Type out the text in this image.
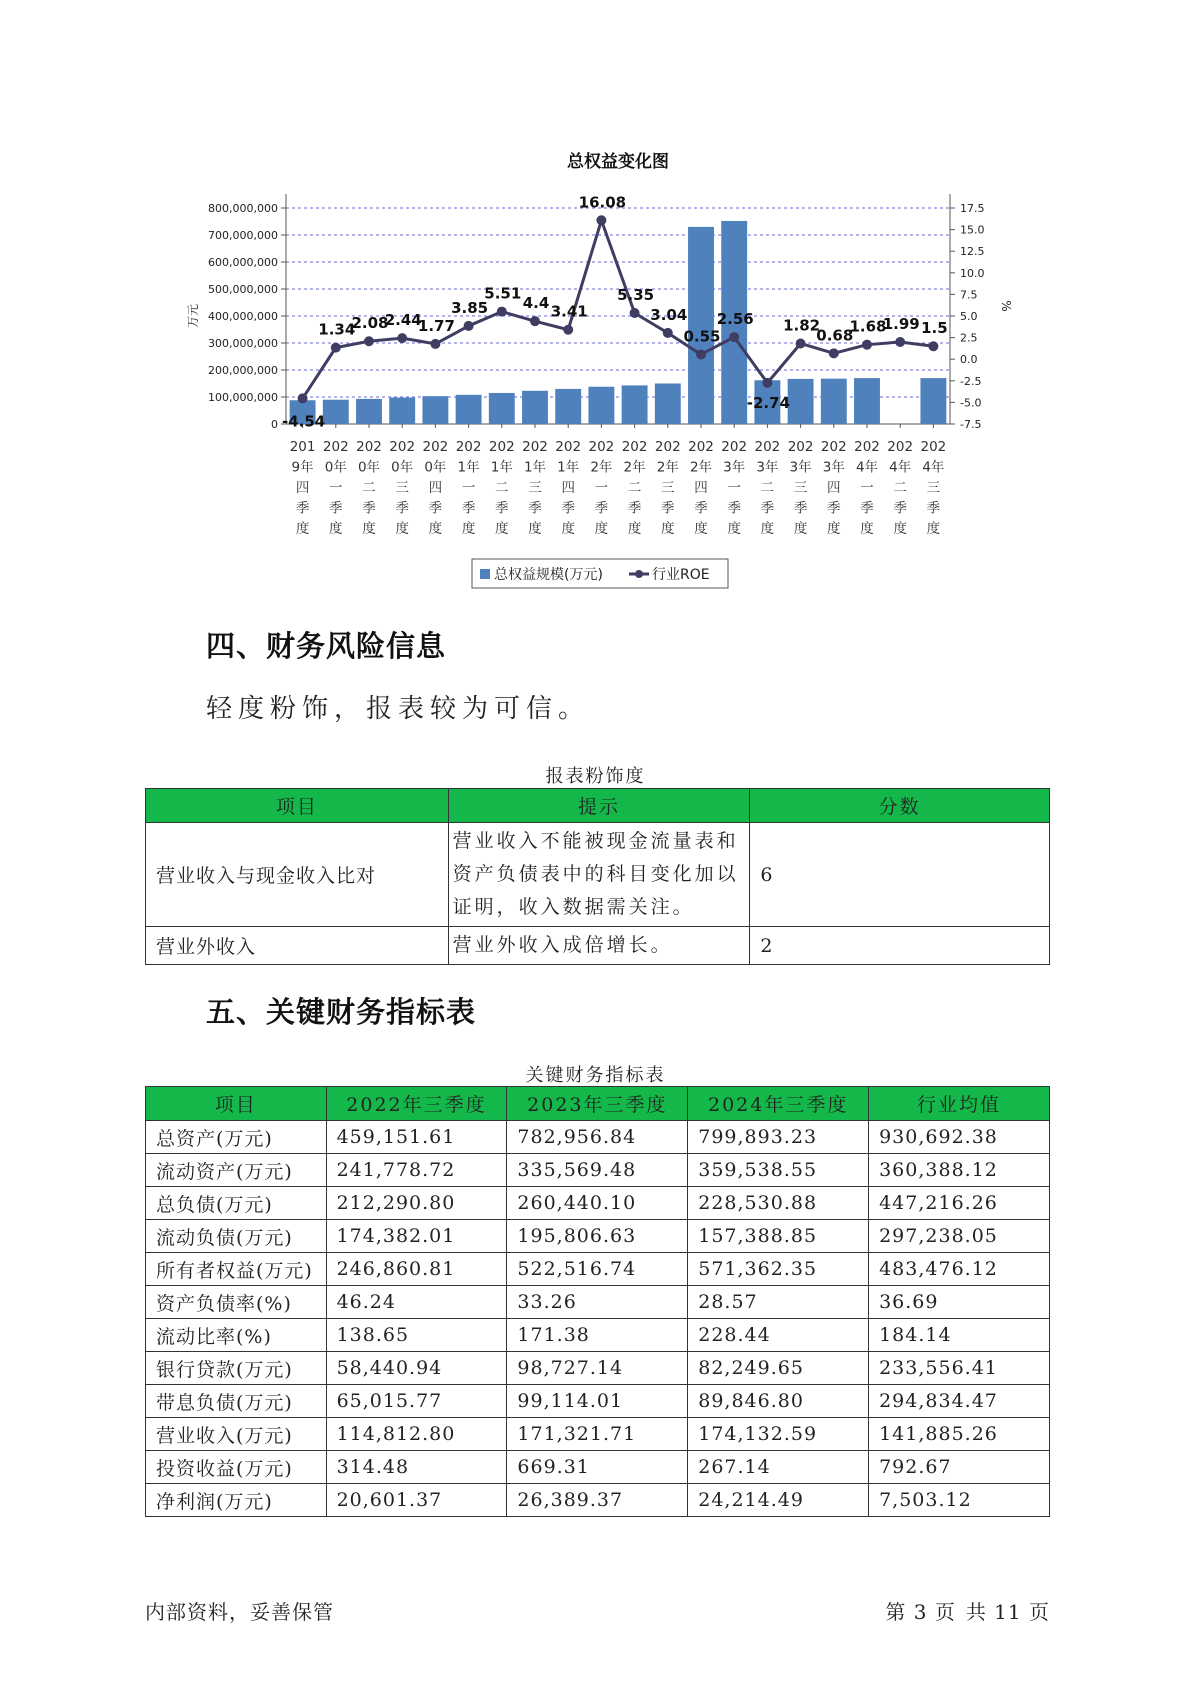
总权益变化图
0
100,000,000
200,000,000
300,000,000
400,000,000
500,000,000
600,000,000
700,000,000
800,000,000	17.5
15.0
12.5
10.0
7.5
5.0
2.5
0.0
-2.5
-5.0
-7.5
万元	%
201
9年
四
季
度
202
0年
一
季
度
202
0年
二
季
度
202
0年
三
季
度
202
0年
四
季
度
202
1年
一
季
度
202
1年
二
季
度
202
1年
三
季
度
202
1年
四
季
度
202
2年
一
季
度
202
2年
二
季
度
202
2年
三
季
度
202
2年
四
季
度
202
3年
一
季
度
202
3年
二
季
度
202
3年
三
季
度
202
3年
四
季
度
202
4年
一
季
度
202
4年
二
季
度
202
4年
三
季
度
-4.54
1.34
2.08
2.44
1.77
3.85
5.51
4.4 3.41
16.08
5.35
3.04
0.55
2.56
-2.74
1.82
0.68
1.68
1.99 1.5
总权益规模(万元)	行业ROE
四、财务风险信息
轻度粉饰，报表较为可信。
报表粉饰度
项目	提示	分数
营业收入与现金收入比对	营业收入不能被现金流量表和资产负债表中的科目变化加以证明，收入数据需关注。	6
营业外收入	营业外收入成倍增长。	2
五、关键财务指标表
关键财务指标表
项目	2022年三季度	2023年三季度	2024年三季度	行业均值
总资产(万元)	459,151.61	782,956.84	799,893.23	930,692.38
流动资产(万元)	241,778.72	335,569.48	359,538.55	360,388.12
总负债(万元)	212,290.80	260,440.10	228,530.88	447,216.26
流动负债(万元)	174,382.01	195,806.63	157,388.85	297,238.05
所有者权益(万元)	246,860.81	522,516.74	571,362.35	483,476.12
资产负债率(%)	46.24	33.26	28.57	36.69
流动比率(%)	138.65	171.38	228.44	184.14
银行贷款(万元)	58,440.94	98,727.14	82,249.65	233,556.41
带息负债(万元)	65,015.77	99,114.01	89,846.80	294,834.47
营业收入(万元)	114,812.80	171,321.71	174,132.59	141,885.26
投资收益(万元)	314.48	669.31	267.14	792.67
净利润(万元)	20,601.37	26,389.37	24,214.49	7,503.12
内部资料，妥善保管	第 3 页 共 11 页
